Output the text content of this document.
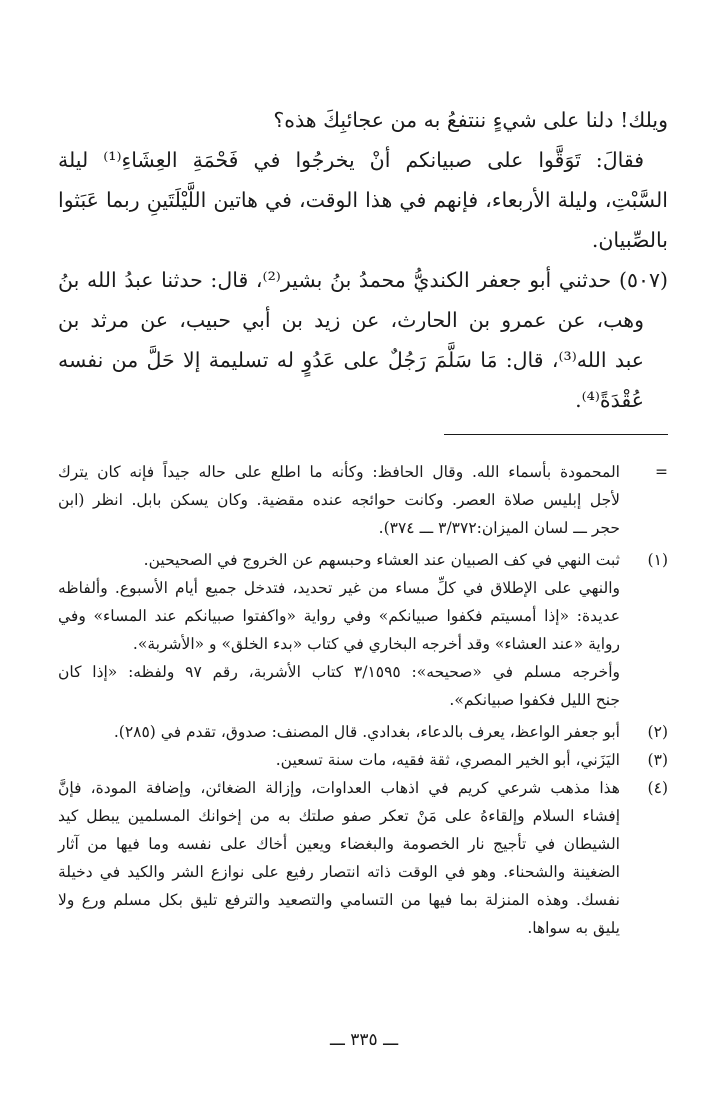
ويلك! دلنا على شيءٍ ننتفعُ به من عجائبِكَ هذه؟
فقالَ: تَوَقَّوا على صبيانكم أنْ يخرجُوا في فَحْمَةِ العِشَاءِ⁽¹⁾ ليلة
السَّبْتِ، وليلة الأربعاء، فإنهم في هذا الوقت، في هاتين اللَّيْلَتَينِ ربما عَبَثوا
بالصِّبيان.
(٥٠٧) حدثني أبو جعفر الكنديُّ محمدُ بنُ بشير⁽²⁾، قال: حدثنا عبدُ الله بنُ
وهب، عن عمرو بن الحارث، عن زيد بن أبي حبيب، عن مرثد بن
عبد الله⁽³⁾، قال: مَا سَلَّمَ رَجُلٌ على عَدُوٍ له تسليمة إلا حَلَّ من نفسه
عُقْدَةً⁽⁴⁾.
=
المحمودة بأسماء الله. وقال الحافظ: وكأنه ما اطلع على حاله جيداً فإنه كان يترك
لأجل إبليس صلاة العصر. وكانت حوائجه عنده مقضية. وكان يسكن بابل. انظر (ابن
حجر ـــ لسان الميزان:٣/٣٧٢ ـــ ٣٧٤).
(١)
ثبت النهي في كف الصبيان عند العشاء وحبسهم عن الخروج في الصحيحين.
والنهي على الإطلاق في كلِّ مساء من غير تحديد، فتدخل جميع أيام الأسبوع. وألفاظه
عديدة: «إذا أمسيتم فكفوا صبيانكم» وفي رواية «واكفتوا صبيانكم عند المساء» وفي
رواية «عند العشاء» وقد أخرجه البخاري في كتاب «بدء الخلق» و «الأشربة».
وأخرجه مسلم في «صحيحه»: ٣/١٥٩٥ كتاب الأشربة، رقم ٩٧ ولفظه: «إذا كان
جنح الليل فكفوا صبيانكم».
(٢)
أبو جعفر الواعظ، يعرف بالدعاء، بغدادي. قال المصنف: صدوق، تقدم في (٢٨٥).
(٣)
اليَزَني، أبو الخير المصري، ثقة فقيه، مات سنة تسعين.
(٤)
هذا مذهب شرعي كريم في اذهاب العداوات، وإزالة الضغائن، وإضافة المودة، فإنَّ
إفشاء السلام وإلقاءهُ على مَنْ تعكر صفو صلتك به من إخوانك المسلمين يبطل كيد
الشيطان في تأجيج نار الخصومة والبغضاء ويعين أخاك على نفسه وما فيها من آثار
الضغينة والشحناء. وهو في الوقت ذاته انتصار رفيع على نوازع الشر والكيد في دخيلة
نفسك. وهذه المنزلة بما فيها من التسامي والتصعيد والترفع تليق بكل مسلم ورع ولا
يليق به سواها.
ـــ ٣٣٥ ـــ
